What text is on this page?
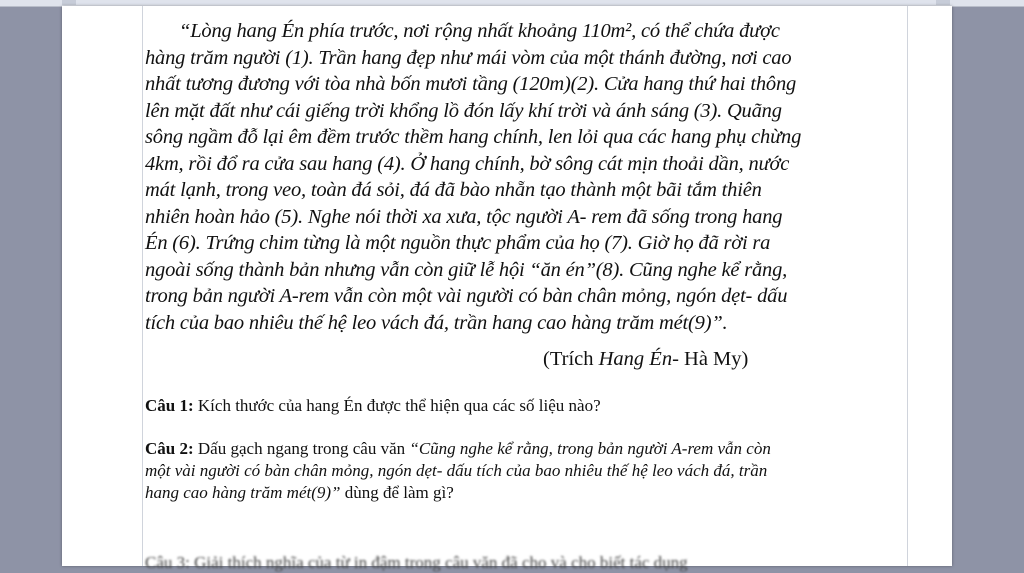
“Lòng hang Én phía trước, nơi rộng nhất khoảng 110m², có thể chứa được
hàng trăm người (1). Trần hang đẹp như mái vòm của một thánh đường, nơi cao
nhất tương đương với tòa nhà bốn mươi tầng (120m)(2). Cửa hang thứ hai thông
lên mặt đất như cái giếng trời khổng lồ đón lấy khí trời và ánh sáng (3). Quãng
sông ngầm đỗ lại êm đềm trước thềm hang chính, len lỏi qua các hang phụ chừng
4km, rồi đổ ra cửa sau hang (4). Ở hang chính, bờ sông cát mịn thoải dần, nước
mát lạnh, trong veo, toàn đá sỏi, đá đã bào nhẵn tạo thành một bãi tắm thiên
nhiên hoàn hảo (5). Nghe nói thời xa xưa, tộc người A- rem đã sống trong hang
Én (6). Trứng chim từng là một nguồn thực phẩm của họ (7). Giờ họ đã rời ra
ngoài sống thành bản nhưng vẫn còn giữ lễ hội “ăn én”(8). Cũng nghe kể rằng,
trong bản người A-rem vẫn còn một vài người có bàn chân mỏng, ngón dẹt- dấu
tích của bao nhiêu thế hệ leo vách đá, trần hang cao hàng trăm mét(9)”.

(Trích Hang Én- Hà My)
Câu 1: Kích thước của hang Én được thể hiện qua các số liệu nào?
Câu 2: Dấu gạch ngang trong câu văn “Cũng nghe kể rằng, trong bản người A-rem vẫn còn
một vài người có bàn chân mỏng, ngón dẹt- dấu tích của bao nhiêu thế hệ leo vách đá, trần
hang cao hàng trăm mét(9)” dùng để làm gì?
Câu 3: Giải thích nghĩa của từ in đậm trong câu văn đã cho và cho biết tác dụng
